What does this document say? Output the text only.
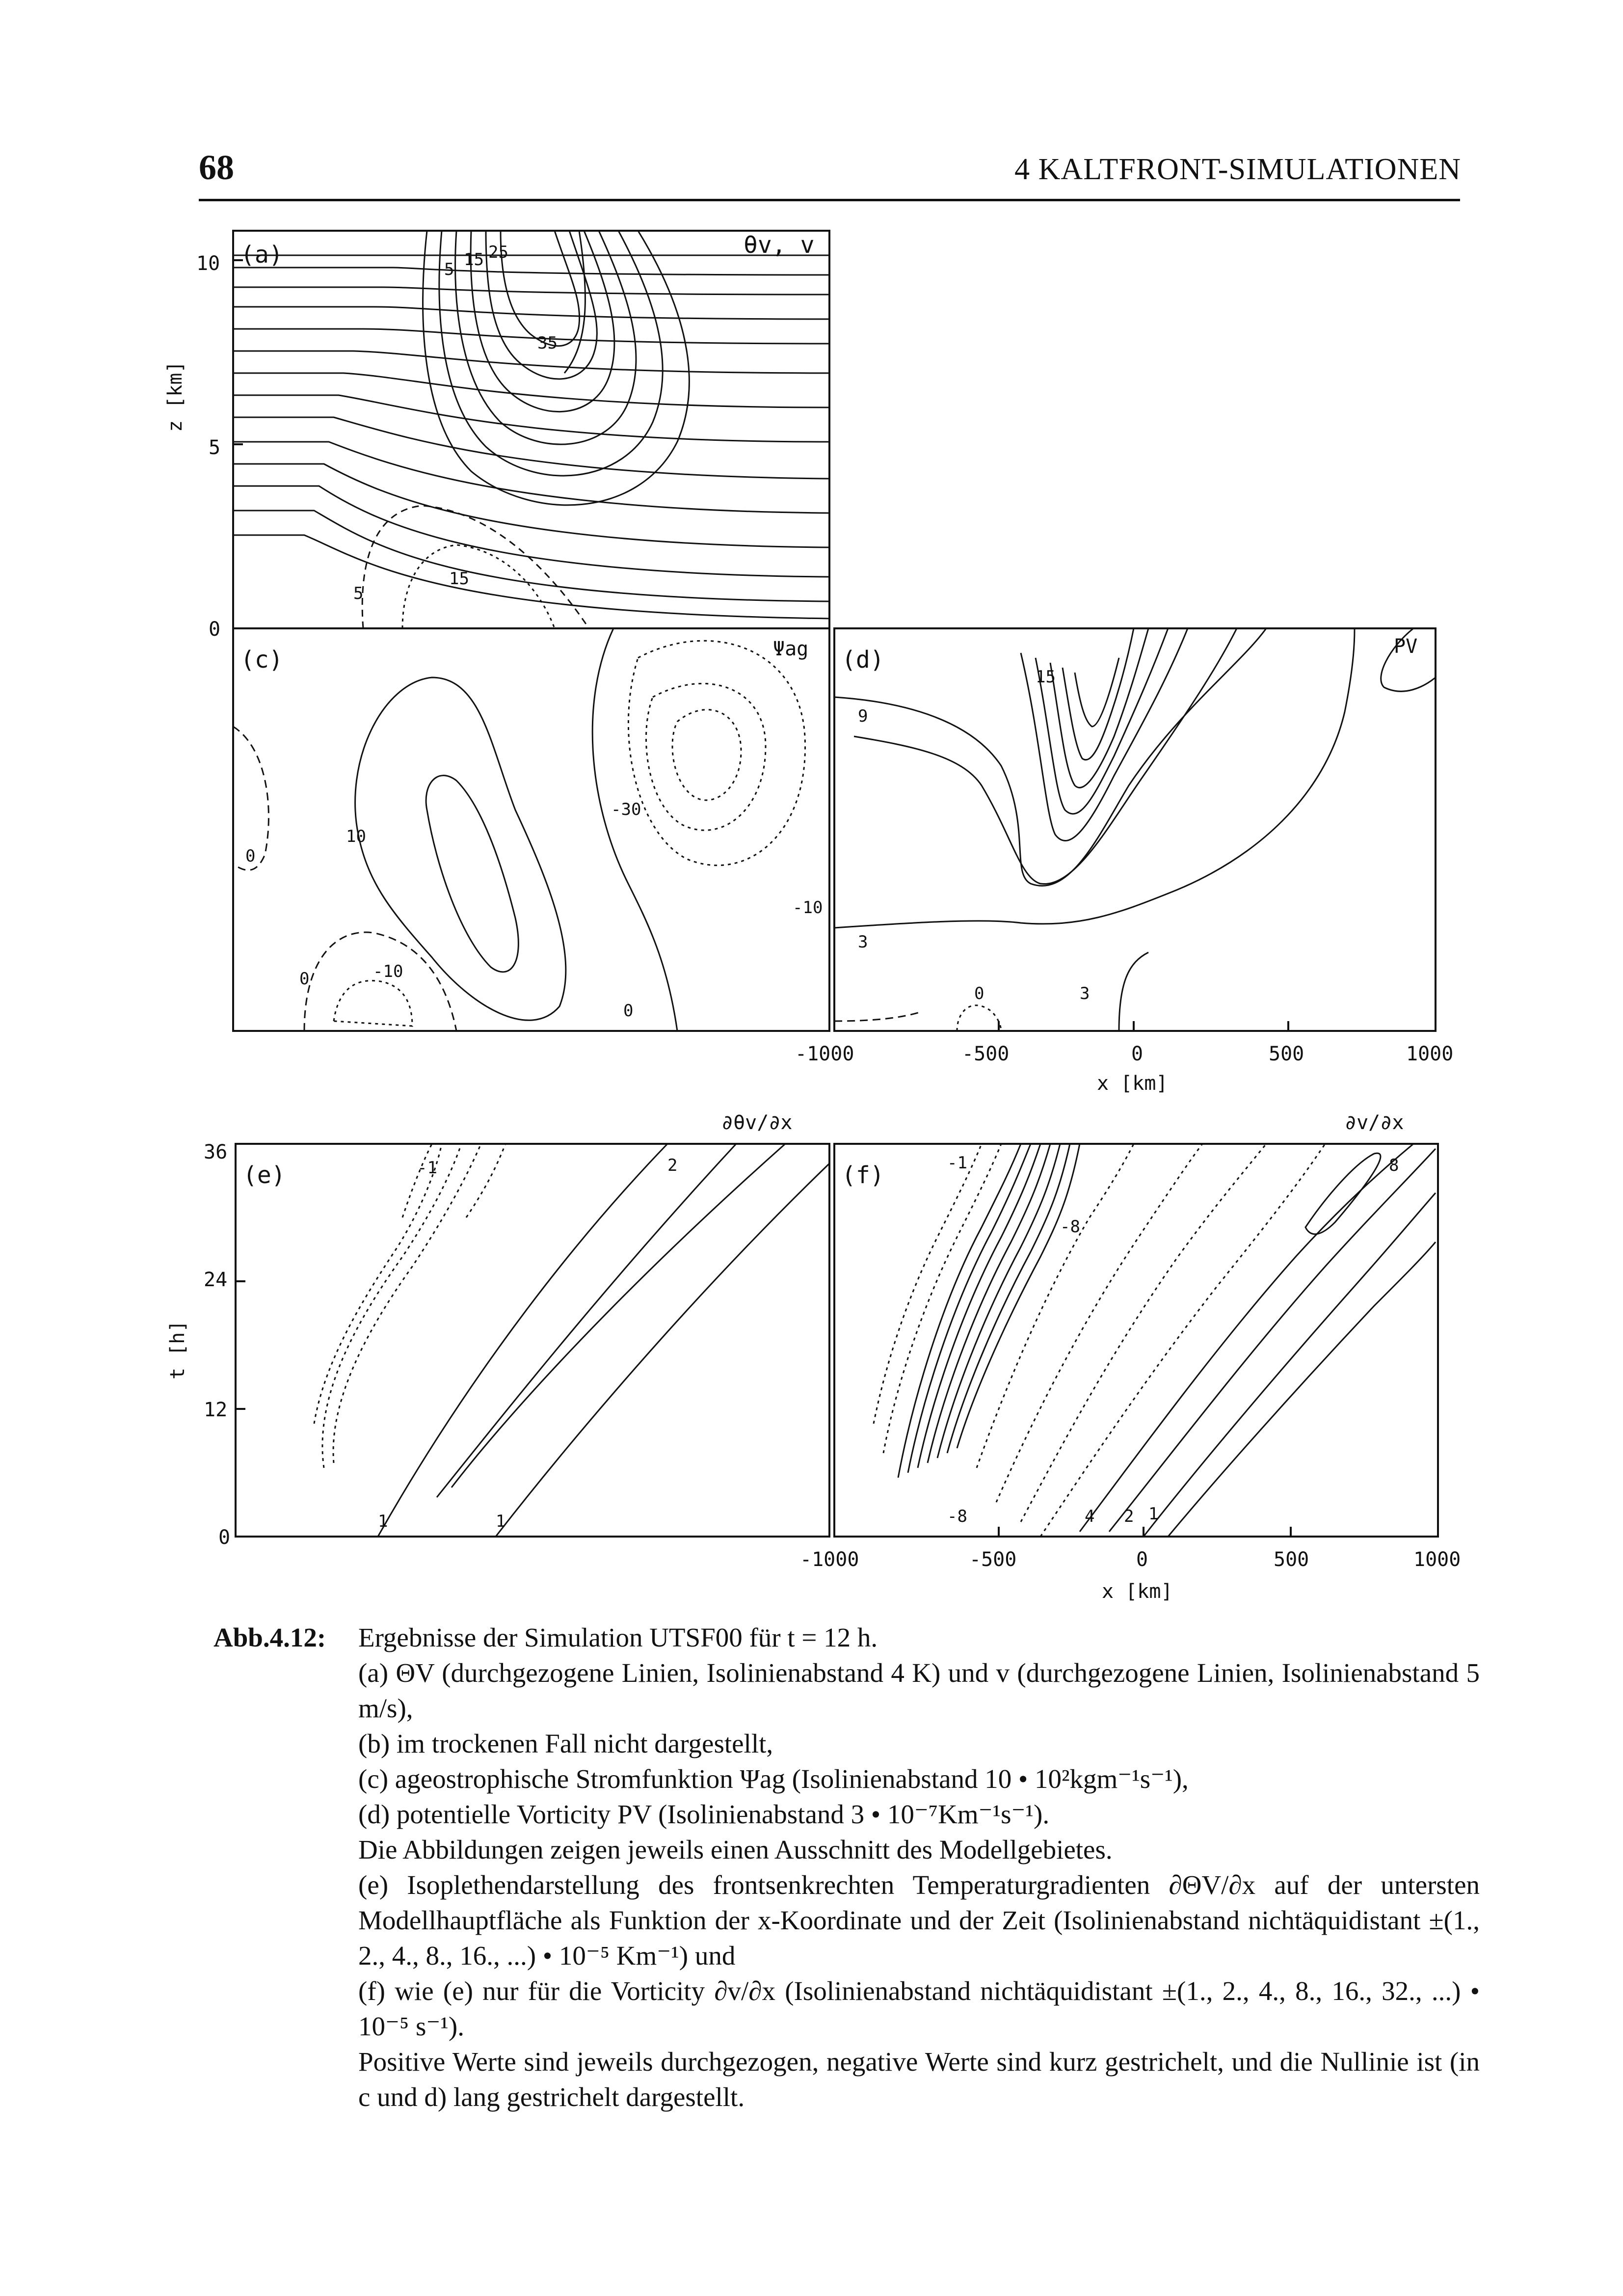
68	4 KALTFRONT-SIMULATIONEN
(a)	θv, v
(c)	Ψag (d)	PV
(e)
∂θv/∂x
(f)
∂v/∂x
5 15 25
35
5
15
0
10
-10
0
0
-30
-10
15
9
3
0	3
-1	2
1	1
-1
-8
8
-8	4 2 1
10
5
0
z [km]
-1000	-500	0	500	1000
x [km]
36
24
12
0
t [h]
-1000	-500	0	500	1000
x [km]
Abb.4.12: Ergebnisse der Simulation UTSF00 für t = 12 h.

(a) ΘV (durchgezogene Linien, Isolinienabstand 4 K) und v (durchgezogene Linien, Isolinienabstand 5 m/s),

(b) im trockenen Fall nicht dargestellt,

(c) ageostrophische Stromfunktion Ψag (Isolinienabstand 10 • 10²kgm⁻¹s⁻¹),

(d) potentielle Vorticity PV (Isolinienabstand 3 • 10⁻⁷Km⁻¹s⁻¹).

Die Abbildungen zeigen jeweils einen Ausschnitt des Modellgebietes.

(e) Isoplethendarstellung des frontsenkrechten Temperaturgradienten ∂ΘV/∂x auf der untersten Modellhauptfläche als Funktion der x-Koordinate und der Zeit (Isolinienabstand nichtäquidistant ±(1., 2., 4., 8., 16., ...) • 10⁻⁵ Km⁻¹) und

(f) wie (e) nur für die Vorticity ∂v/∂x (Isolinienabstand nichtäquidistant ±(1., 2., 4., 8., 16., 32., ...) • 10⁻⁵ s⁻¹).

Positive Werte sind jeweils durchgezogen, negative Werte sind kurz gestrichelt, und die Nullinie ist (in c und d) lang gestrichelt dargestellt.
